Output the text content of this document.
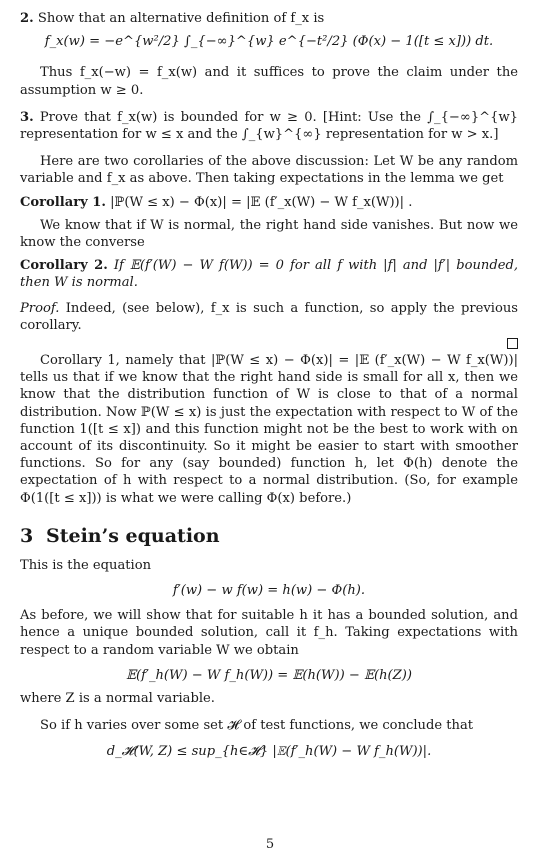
2. Show that an alternative definition of f_x is

f_x(w) = −e^{w²/2} ∫_{−∞}^{w} e^{−t²/2} (Φ(x) − 1([t ≤ x])) dt.

Thus f_x(−w) = f_x(w) and it suffices to prove the claim under the assumption w ≥ 0.

3. Prove that f_x(w) is bounded for w ≥ 0. [Hint: Use the ∫_{−∞}^{w} representation for w ≤ x and the ∫_{w}^{∞} representation for w > x.]

Here are two corollaries of the above discussion: Let W be any random variable and f_x as above. Then taking expectations in the lemma we get

Corollary 1. |ℙ(W ≤ x) − Φ(x)| = |𝔼 (f′_x(W) − W f_x(W))| .

We know that if W is normal, the right hand side vanishes. But now we know the converse

Corollary 2. If 𝔼(f′(W) − W f(W)) = 0 for all f with |f| and |f′| bounded, then W is normal.

Proof. Indeed, (see below), f_x is such a function, so apply the previous corollary.

Corollary 1, namely that |ℙ(W ≤ x) − Φ(x)| = |𝔼 (f′_x(W) − W f_x(W))| tells us that if we know that the right hand side is small for all x, then we know that the distribution function of W is close to that of a normal distribution. Now ℙ(W ≤ x) is just the expectation with respect to W of the function 1([t ≤ x]) and this function might not be the best to work with on account of its discontinuity. So it might be easier to start with smoother functions. So for any (say bounded) function h, let Φ(h) denote the expectation of h with respect to a normal distribution. (So, for example Φ(1([t ≤ x])) is what we were calling Φ(x) before.)

3 Stein’s equation

This is the equation

f′(w) − w f(w) = h(w) − Φ(h).

As before, we will show that for suitable h it has a bounded solution, and hence a unique bounded solution, call it f_h. Taking expectations with respect to a random variable W we obtain

𝔼(f′_h(W) − W f_h(W)) = 𝔼(h(W)) − 𝔼(h(Z))

where Z is a normal variable.

So if h varies over some set 𝓗 of test functions, we conclude that

d_𝓗(W, Z) ≤ sup_{h∈𝓗} |𝔼(f′_h(W) − W f_h(W))|.

5
